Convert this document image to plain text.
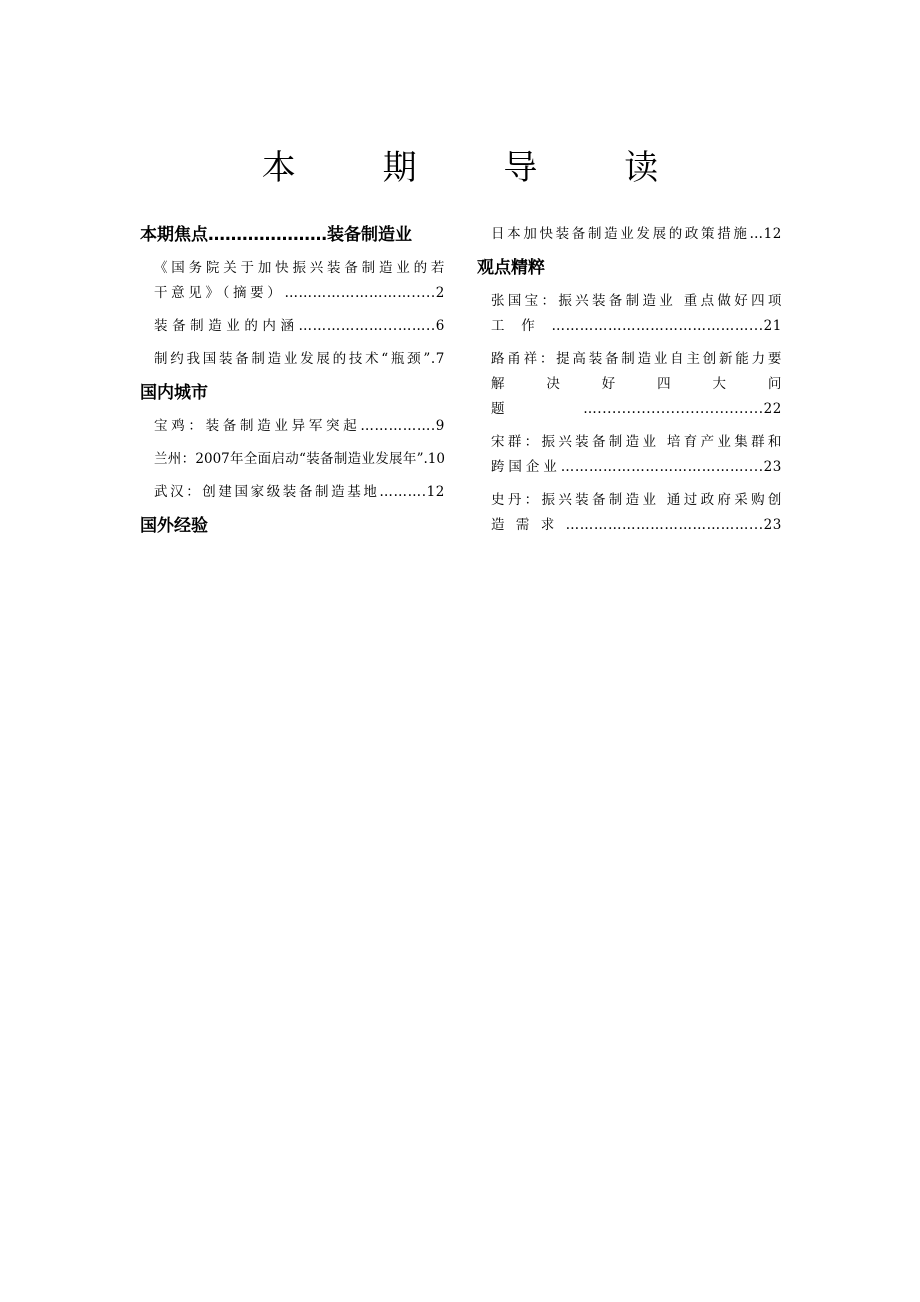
本 期 导 读
本期焦点…………………装备制造业
《国务院关于加快振兴装备制造业的若
干意见》（摘要）……………………….....2
装备制造业的内涵………………...……..6
制约我国装备制造业发展的技术“瓶颈”.7
国内城市
宝鸡：装备制造业异军突起…………….9
兰州：2007年全面启动“装备制造业发展年”.10
武汉：创建国家级装备制造基地……….12
国外经验
日本加快装备制造业发展的政策措施…12
观点精粹
张国宝：振兴装备制造业 重点做好四项
工作……………………………………...21
路甬祥：提高装备制造业自主创新能力要
解决好四大问题…..................................22
宋群：振兴装备制造业 培育产业集群和
跨国企业…………………………………....23
史丹：振兴装备制造业 通过政府采购创
造需求…………………………………...23
